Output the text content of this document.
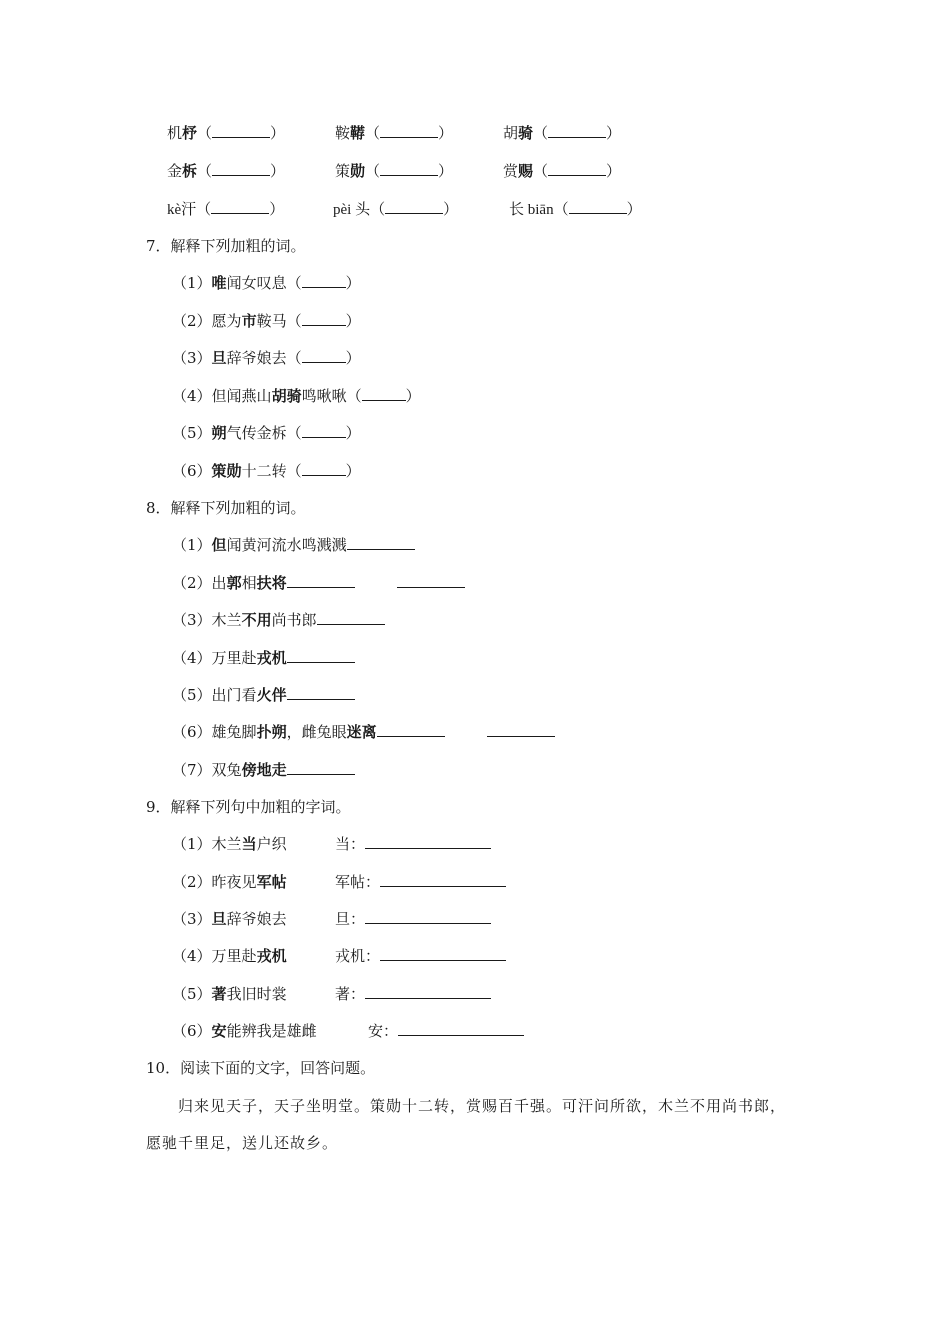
机杼（	）	鞍鞯（	）	胡骑（	）
金柝（	）	策勋（	）	赏赐（	）
kè汗（	）	pèi 头（	）	长 biān（	）
7．解释下列加粗的词。
（1）唯闻女叹息（	）
（2）愿为市鞍马（	）
（3）旦辞爷娘去（	）
（4）但闻燕山胡骑鸣啾啾（	）
（5）朔气传金柝（	）
（6）策勋十二转（	）
8．解释下列加粗的词。
（1）但闻黄河流水鸣溅溅
（2）出郭相扶将
（3）木兰不用尚书郎
（4）万里赴戎机
（5）出门看火伴
（6）雄兔脚扑朔，雌兔眼迷离
（7）双兔傍地走
9．解释下列句中加粗的字词。
（1）木兰当户织	当：
（2）昨夜见军帖	军帖：
（3）旦辞爷娘去	旦：
（4）万里赴戎机	戎机：
（5）著我旧时裳	著：
（6）安能辨我是雄雌	安：
10．阅读下面的文字，回答问题。
归来见天子，天子坐明堂。策勋十二转，赏赐百千强。可汗问所欲，木兰不用尚书郎，
愿驰千里足，送儿还故乡。
